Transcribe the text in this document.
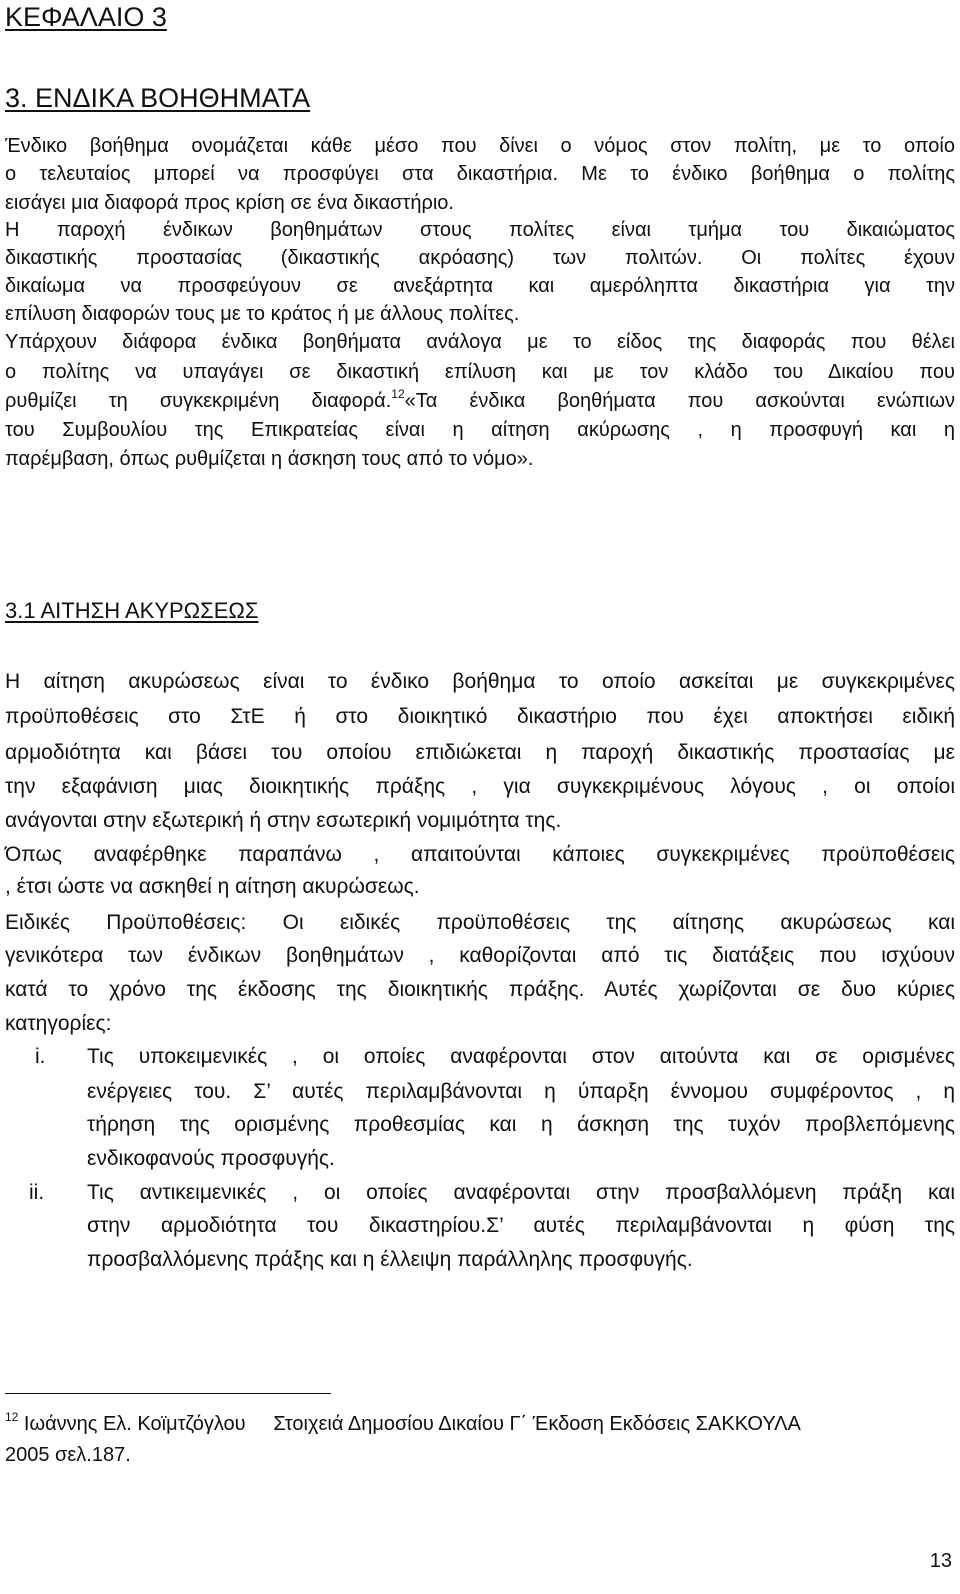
ΚΕΦΑΛΑΙΟ 3
3. ΕΝΔΙΚΑ ΒΟΗΘΗΜΑΤΑ
Ένδικο βοήθημα ονομάζεται κάθε μέσο που δίνει ο νόμος στον πολίτη, με το οποίο
ο τελευταίος μπορεί να προσφύγει στα δικαστήρια. Με το ένδικο βοήθημα ο πολίτης
εισάγει μια διαφορά προς κρίση σε ένα δικαστήριο.
Η παροχή ένδικων βοηθημάτων στους πολίτες είναι τμήμα του δικαιώματος
δικαστικής προστασίας (δικαστικής ακρόασης) των πολιτών. Οι πολίτες έχουν
δικαίωμα να προσφεύγουν σε ανεξάρτητα και αμερόληπτα δικαστήρια για την
επίλυση διαφορών τους με το κράτος ή με άλλους πολίτες.
Υπάρχουν διάφορα ένδικα βοηθήματα ανάλογα με το είδος της διαφοράς που θέλει
ο πολίτης να υπαγάγει σε δικαστική επίλυση και με τον κλάδο του Δικαίου που
ρυθμίζει τη συγκεκριμένη διαφορά.$^{12}$«Τα ένδικα βοηθήματα που ασκούνται ενώπιων
του Συμβουλίου της Επικρατείας είναι η αίτηση ακύρωσης , η προσφυγή και η
παρέμβαση, όπως ρυθμίζεται η άσκηση τους από το νόμο».
3.1 ΑΙΤΗΣΗ ΑΚΥΡΩΣΕΩΣ
Η αίτηση ακυρώσεως είναι το ένδικο βοήθημα το οποίο ασκείται με συγκεκριμένες
προϋποθέσεις στο ΣτΕ ή στο διοικητικό δικαστήριο που έχει αποκτήσει ειδική
αρμοδιότητα και βάσει του οποίου επιδιώκεται η παροχή δικαστικής προστασίας με
την εξαφάνιση μιας διοικητικής πράξης , για συγκεκριμένους λόγους , οι οποίοι
ανάγονται στην εξωτερική ή στην εσωτερική νομιμότητα της.
Όπως αναφέρθηκε παραπάνω , απαιτούνται κάποιες συγκεκριμένες προϋποθέσεις
, έτσι ώστε να ασκηθεί η αίτηση ακυρώσεως.
Ειδικές Προϋποθέσεις: Οι ειδικές προϋποθέσεις της αίτησης ακυρώσεως και
γενικότερα των ένδικων βοηθημάτων , καθορίζονται από τις διατάξεις που ισχύουν
κατά το χρόνο της έκδοσης της διοικητικής πράξης. Αυτές χωρίζονται σε δυο κύριες
κατηγορίες:
i. Τις υποκειμενικές , οι οποίες αναφέρονται στον αιτούντα και σε ορισμένες
ενέργειες του. Σ’ αυτές περιλαμβάνονται η ύπαρξη έννομου συμφέροντος , η
τήρηση της ορισμένης προθεσμίας και η άσκηση της τυχόν προβλεπόμενης
ενδικοφανούς προσφυγής.
ii. Τις αντικειμενικές , οι οποίες αναφέρονται στην προσβαλλόμενη πράξη και
στην αρμοδιότητα του δικαστηρίου.Σ’ αυτές περιλαμβάνονται η φύση της
προσβαλλόμενης πράξης και η έλλειψη παράλληλης προσφυγής.
$^{12}$ Ιωάννης Ελ. Κοϊμτζόγλου     Στοιχειά Δημοσίου Δικαίου Γ΄ Έκδοση Εκδόσεις ΣΑΚΚΟΥΛΑ
2005 σελ.187.
13
